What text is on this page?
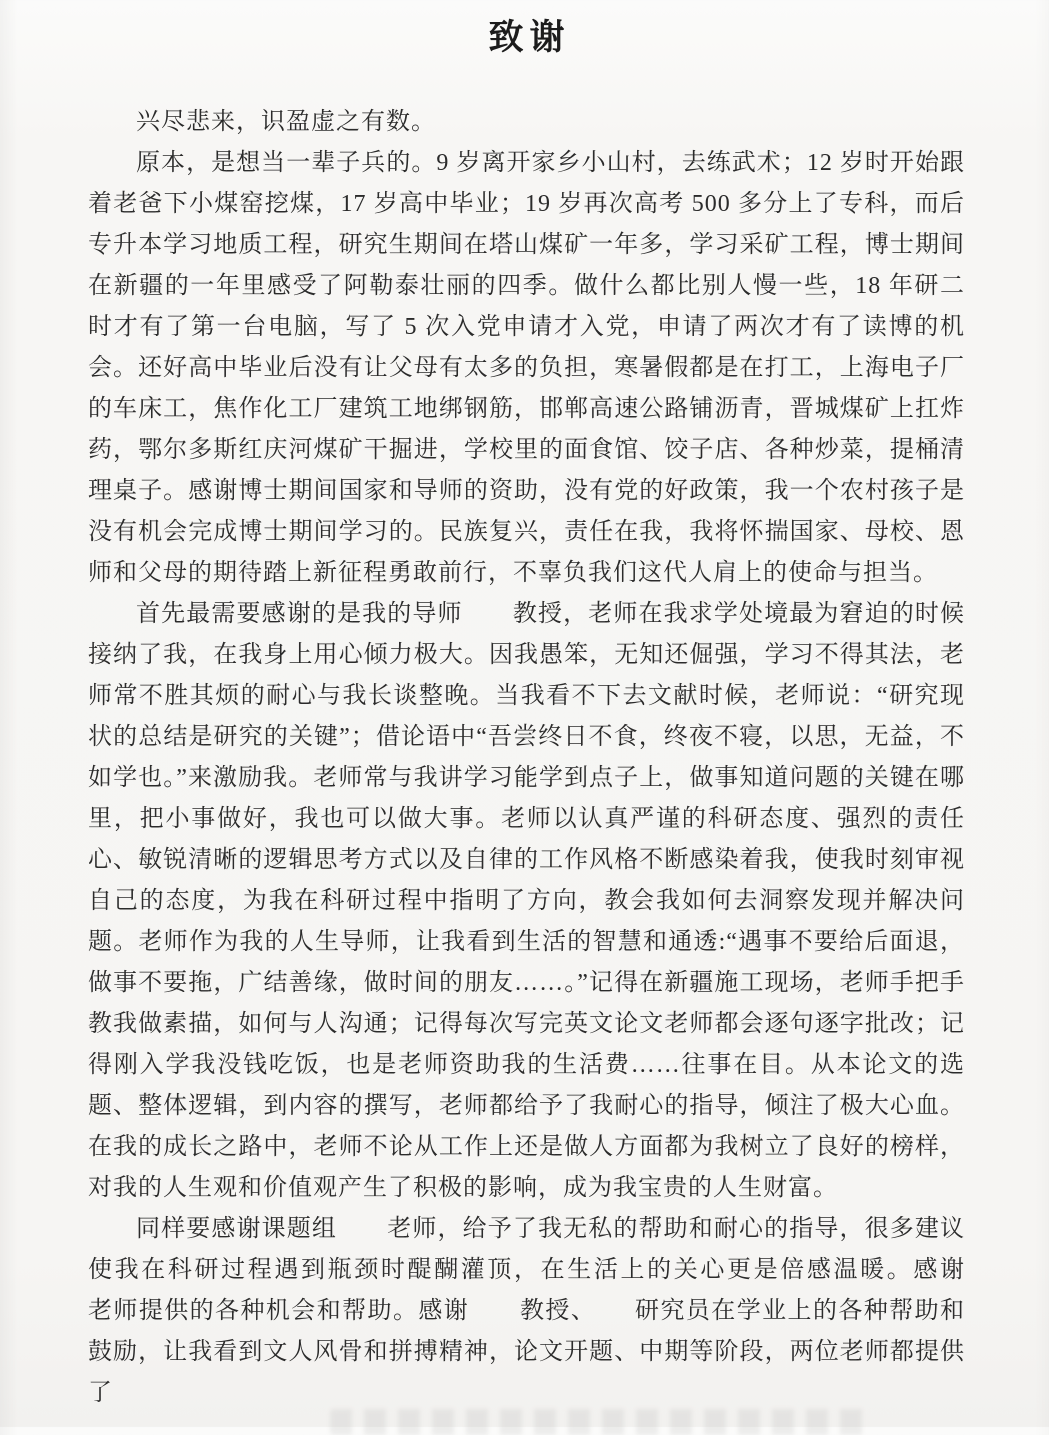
致谢

兴尽悲来，识盈虚之有数。

原本，是想当一辈子兵的。9 岁离开家乡小山村，去练武术；12 岁时开始跟着老爸下小煤窑挖煤，17 岁高中毕业；19 岁再次高考 500 多分上了专科，而后专升本学习地质工程，研究生期间在塔山煤矿一年多，学习采矿工程，博士期间在新疆的一年里感受了阿勒泰壮丽的四季。做什么都比别人慢一些，18 年研二时才有了第一台电脑，写了 5 次入党申请才入党，申请了两次才有了读博的机会。还好高中毕业后没有让父母有太多的负担，寒暑假都是在打工，上海电子厂的车床工，焦作化工厂建筑工地绑钢筋，邯郸高速公路铺沥青，晋城煤矿上扛炸药，鄂尔多斯红庆河煤矿干掘进，学校里的面食馆、饺子店、各种炒菜，提桶清理桌子。感谢博士期间国家和导师的资助，没有党的好政策，我一个农村孩子是没有机会完成博士期间学习的。民族复兴，责任在我，我将怀揣国家、母校、恩师和父母的期待踏上新征程勇敢前行，不辜负我们这代人肩上的使命与担当。

首先最需要感谢的是我的导师　　教授，老师在我求学处境最为窘迫的时候接纳了我，在我身上用心倾力极大。因我愚笨，无知还倔强，学习不得其法，老师常不胜其烦的耐心与我长谈整晚。当我看不下去文献时候，老师说：“研究现状的总结是研究的关键”；借论语中“吾尝终日不食，终夜不寝，以思，无益，不如学也。”来激励我。老师常与我讲学习能学到点子上，做事知道问题的关键在哪里，把小事做好，我也可以做大事。老师以认真严谨的科研态度、强烈的责任心、敏锐清晰的逻辑思考方式以及自律的工作风格不断感染着我，使我时刻审视自己的态度，为我在科研过程中指明了方向，教会我如何去洞察发现并解决问题。老师作为我的人生导师，让我看到生活的智慧和通透:“遇事不要给后面退，做事不要拖，广结善缘，做时间的朋友……。”记得在新疆施工现场，老师手把手教我做素描，如何与人沟通；记得每次写完英文论文老师都会逐句逐字批改；记得刚入学我没钱吃饭，也是老师资助我的生活费……往事在目。从本论文的选题、整体逻辑，到内容的撰写，老师都给予了我耐心的指导，倾注了极大心血。在我的成长之路中，老师不论从工作上还是做人方面都为我树立了良好的榜样，对我的人生观和价值观产生了积极的影响，成为我宝贵的人生财富。

同样要感谢课题组　　老师，给予了我无私的帮助和耐心的指导，很多建议使我在科研过程遇到瓶颈时醍醐灌顶，在生活上的关心更是倍感温暖。感谢　　老师提供的各种机会和帮助。感谢　　教授、　　研究员在学业上的各种帮助和鼓励，让我看到文人风骨和拼搏精神，论文开题、中期等阶段，两位老师都提供了
